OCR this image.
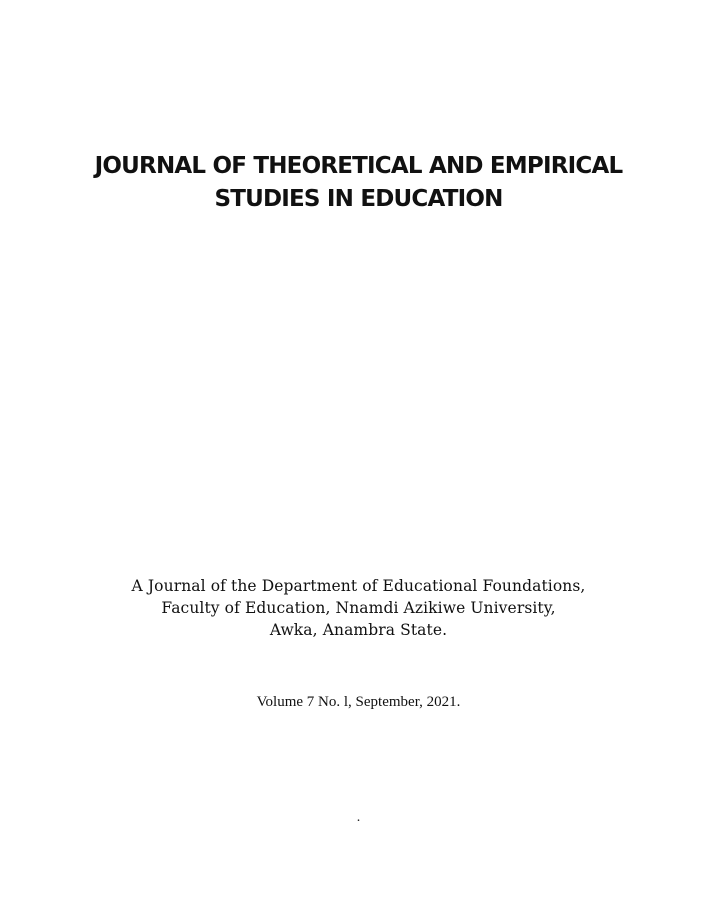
JOURNAL OF THEORETICAL AND EMPIRICAL
STUDIES IN EDUCATION
A Journal of the Department of Educational Foundations,
Faculty of Education, Nnamdi Azikiwe University,
Awka, Anambra State.
Volume 7 No. l, September, 2021.
.
